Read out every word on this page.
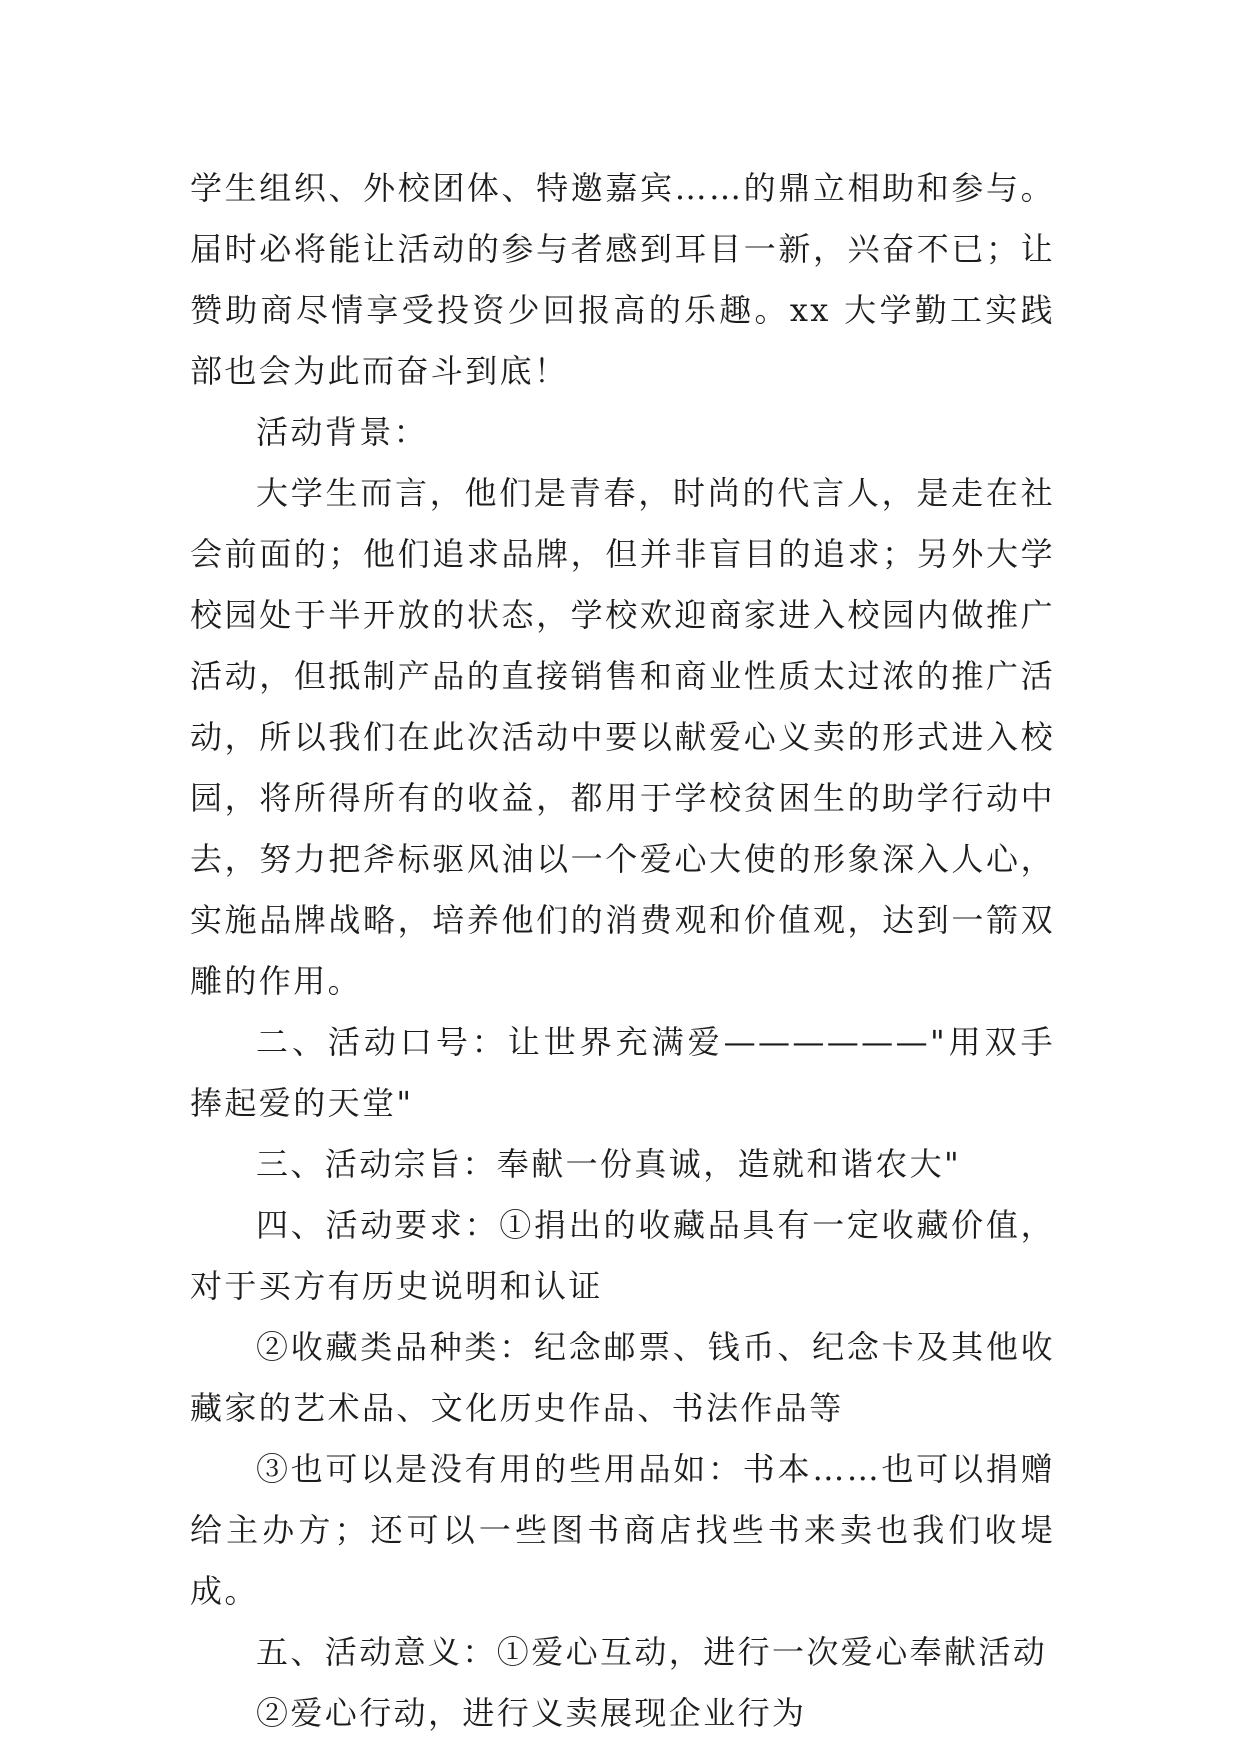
学生组织、外校团体、特邀嘉宾……的鼎立相助和参与。届时必将能让活动的参与者感到耳目一新，兴奋不已；让赞助商尽情享受投资少回报高的乐趣。xx 大学勤工实践部也会为此而奋斗到底！

活动背景：

大学生而言，他们是青春，时尚的代言人，是走在社会前面的；他们追求品牌，但并非盲目的追求；另外大学校园处于半开放的状态，学校欢迎商家进入校园内做推广活动，但抵制产品的直接销售和商业性质太过浓的推广活动，所以我们在此次活动中要以献爱心义卖的形式进入校园，将所得所有的收益，都用于学校贫困生的助学行动中去，努力把斧标驱风油以一个爱心大使的形象深入人心，实施品牌战略，培养他们的消费观和价值观，达到一箭双雕的作用。

二、活动口号：让世界充满爱——————"用双手捧起爱的天堂"

三、活动宗旨：奉献一份真诚，造就和谐农大"

四、活动要求：①捐出的收藏品具有一定收藏价值，对于买方有历史说明和认证

②收藏类品种类：纪念邮票、钱币、纪念卡及其他收藏家的艺术品、文化历史作品、书法作品等

③也可以是没有用的些用品如：书本……也可以捐赠给主办方；还可以一些图书商店找些书来卖也我们收堤成。

五、活动意义：①爱心互动，进行一次爱心奉献活动

②爱心行动，进行义卖展现企业行为
